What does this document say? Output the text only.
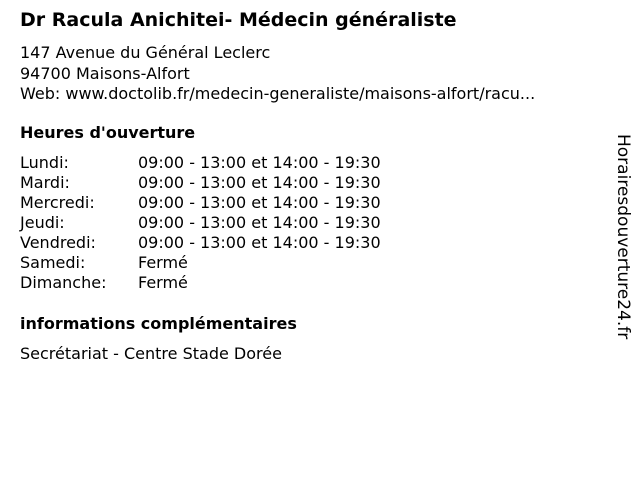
Dr Racula Anichitei- Médecin généraliste
147 Avenue du Général Leclerc
94700 Maisons-Alfort
Web: www.doctolib.fr/medecin-generaliste/maisons-alfort/racu...
Heures d'ouverture
Lundi:	09:00 - 13:00 et 14:00 - 19:30
Mardi:	09:00 - 13:00 et 14:00 - 19:30
Mercredi:	09:00 - 13:00 et 14:00 - 19:30
Jeudi:	09:00 - 13:00 et 14:00 - 19:30
Vendredi:	09:00 - 13:00 et 14:00 - 19:30
Samedi:	Fermé
Dimanche: Fermé
informations complémentaires
Secrétariat - Centre Stade Dorée
Horairesdouverture24.fr
